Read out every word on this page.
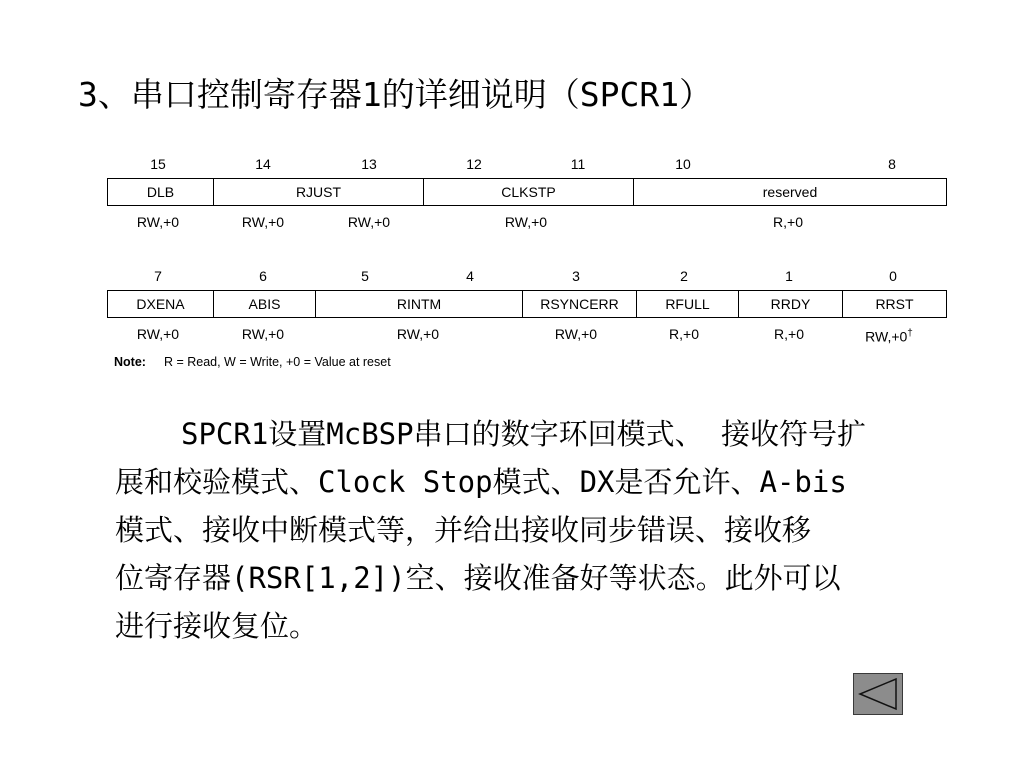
3、串口控制寄存器1的详细说明（SPCR1）
15	14	13	12	11	10	8
DLB	RJUST	CLKSTP	reserved
RW,+0	RW,+0	RW,+0	RW,+0	R,+0
7	6	5	4	3	2	1	0
DXENA	ABIS	RINTM	RSYNCERR	RFULL	RRDY	RRST
RW,+0	RW,+0	RW,+0	RW,+0	R,+0	R,+0	RW,+0†
Note: R = Read, W = Write, +0 = Value at reset
SPCR1设置McBSP串口的数字环回模式、 接收符号扩
展和校验模式、Clock Stop模式、DX是否允许、A-bis
模式、接收中断模式等，并给出接收同步错误、接收移
位寄存器(RSR[1,2])空、接收准备好等状态。此外可以
进行接收复位。
